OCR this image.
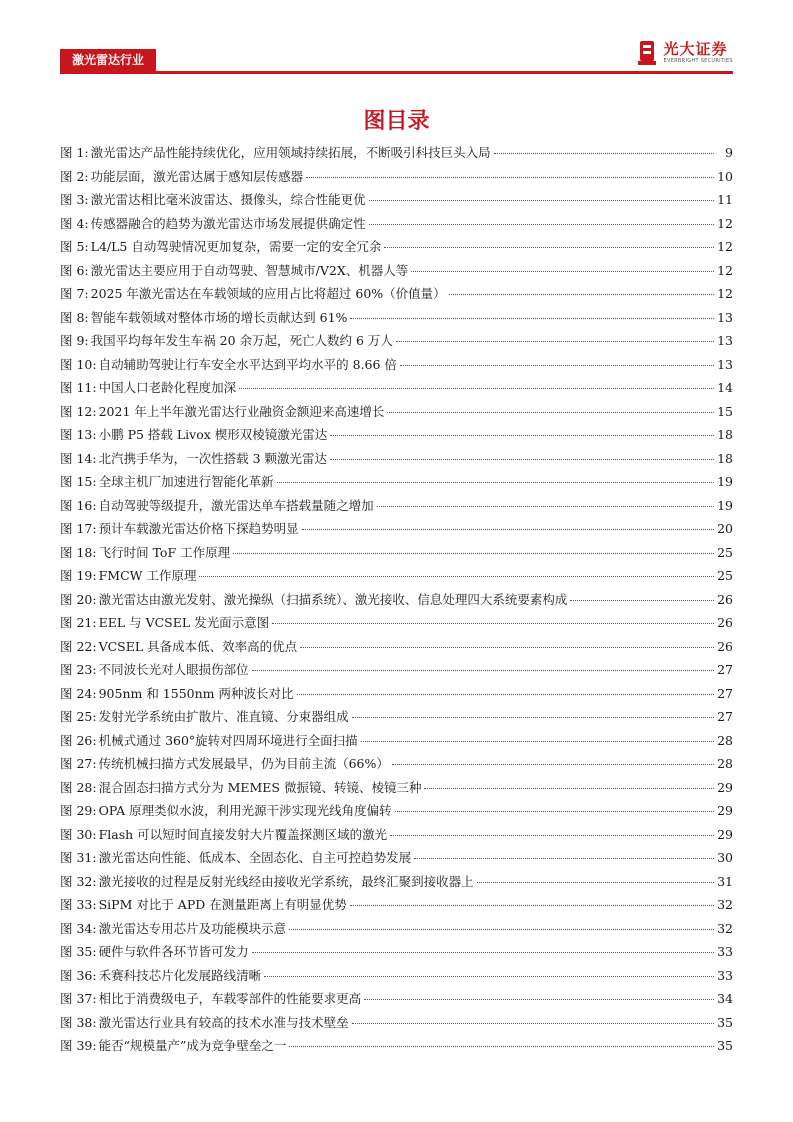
激光雷达行业
光大证券
EVERBRIGHT SECURITIES
图目录
图 1: 激光雷达产品性能持续优化，应用领域持续拓展，不断吸引科技巨头入局	9
图 2: 功能层面，激光雷达属于感知层传感器	10
图 3: 激光雷达相比毫米波雷达、摄像头，综合性能更优	11
图 4: 传感器融合的趋势为激光雷达市场发展提供确定性	12
图 5: L4/L5 自动驾驶情况更加复杂，需要一定的安全冗余	12
图 6: 激光雷达主要应用于自动驾驶、智慧城市/V2X、机器人等	12
图 7: 2025 年激光雷达在车载领域的应用占比将超过 60%（价值量）	12
图 8: 智能车载领域对整体市场的增长贡献达到 61%	13
图 9: 我国平均每年发生车祸 20 余万起，死亡人数约 6 万人	13
图 10: 自动辅助驾驶让行车安全水平达到平均水平的 8.66 倍	13
图 11: 中国人口老龄化程度加深	14
图 12: 2021 年上半年激光雷达行业融资金额迎来高速增长	15
图 13: 小鹏 P5 搭载 Livox 楔形双棱镜激光雷达	18
图 14: 北汽携手华为，一次性搭载 3 颗激光雷达	18
图 15: 全球主机厂加速进行智能化革新	19
图 16: 自动驾驶等级提升，激光雷达单车搭载量随之增加	19
图 17: 预计车载激光雷达价格下探趋势明显	20
图 18: 飞行时间 ToF 工作原理	25
图 19: FMCW 工作原理	25
图 20: 激光雷达由激光发射、激光操纵（扫描系统）、激光接收、信息处理四大系统要素构成	26
图 21: EEL 与 VCSEL 发光面示意图	26
图 22: VCSEL 具备成本低、效率高的优点	26
图 23: 不同波长光对人眼损伤部位	27
图 24: 905nm 和 1550nm 两种波长对比	27
图 25: 发射光学系统由扩散片、准直镜、分束器组成	27
图 26: 机械式通过 360°旋转对四周环境进行全面扫描	28
图 27: 传统机械扫描方式发展最早，仍为目前主流（66%）	28
图 28: 混合固态扫描方式分为 MEMES 微振镜、转镜、棱镜三种	29
图 29: OPA 原理类似水波，利用光源干涉实现光线角度偏转	29
图 30: Flash 可以短时间直接发射大片覆盖探测区域的激光	29
图 31: 激光雷达向性能、低成本、全固态化、自主可控趋势发展	30
图 32: 激光接收的过程是反射光线经由接收光学系统，最终汇聚到接收器上	31
图 33: SiPM 对比于 APD 在测量距离上有明显优势	32
图 34: 激光雷达专用芯片及功能模块示意	32
图 35: 硬件与软件各环节皆可发力	33
图 36: 禾赛科技芯片化发展路线清晰	33
图 37: 相比于消费级电子，车载零部件的性能要求更高	34
图 38: 激光雷达行业具有较高的技术水准与技术壁垒	35
图 39: 能否“规模量产”成为竞争壁垒之一	35
